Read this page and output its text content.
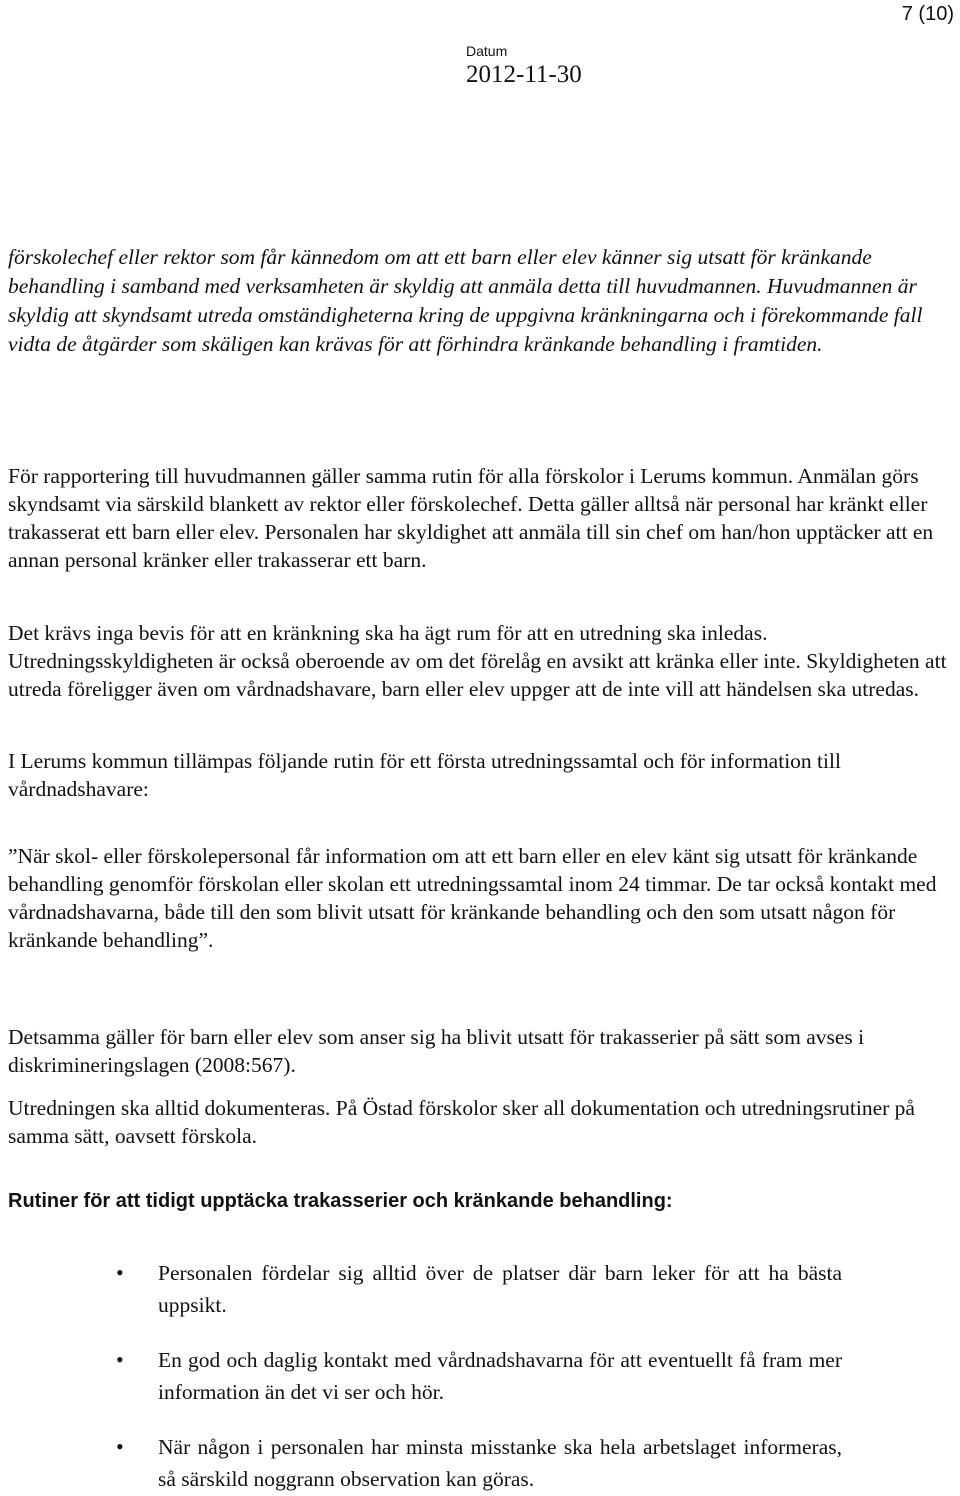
7 (10)
Datum
2012-11-30

förskolechef eller rektor som får kännedom om att ett barn eller elev känner sig utsatt för kränkande behandling i samband med verksamheten är skyldig att anmäla detta till huvudmannen. Huvudmannen är skyldig att skyndsamt utreda omständigheterna kring de uppgivna kränkningarna och i förekommande fall vidta de åtgärder som skäligen kan krävas för att förhindra kränkande behandling i framtiden.

För rapportering till huvudmannen gäller samma rutin för alla förskolor i Lerums kommun. Anmälan görs skyndsamt via särskild blankett av rektor eller förskolechef. Detta gäller alltså när personal har kränkt eller trakasserat ett barn eller elev. Personalen har skyldighet att anmäla till sin chef om han/hon upptäcker att en annan personal kränker eller trakasserar ett barn.

Det krävs inga bevis för att en kränkning ska ha ägt rum för att en utredning ska inledas. Utredningsskyldigheten är också oberoende av om det förelåg en avsikt att kränka eller inte. Skyldigheten att utreda föreligger även om vårdnadshavare, barn eller elev uppger att de inte vill att händelsen ska utredas.

I Lerums kommun tillämpas följande rutin för ett första utredningssamtal och för information till vårdnadshavare:

”När skol- eller förskolepersonal får information om att ett barn eller en elev känt sig utsatt för kränkande behandling genomför förskolan eller skolan ett utredningssamtal inom 24 timmar. De tar också kontakt med vårdnadshavarna, både till den som blivit utsatt för kränkande behandling och den som utsatt någon för kränkande behandling”.

Detsamma gäller för barn eller elev som anser sig ha blivit utsatt för trakasserier på sätt som avses i diskrimineringslagen (2008:567).

Utredningen ska alltid dokumenteras. På Östad förskolor sker all dokumentation och utredningsrutiner på samma sätt, oavsett förskola.

Rutiner för att tidigt upptäcka trakasserier och kränkande behandling:
• Personalen fördelar sig alltid över de platser där barn leker för att ha bästa uppsikt.
• En god och daglig kontakt med vårdnadshavarna för att eventuellt få fram mer information än det vi ser och hör.
• När någon i personalen har minsta misstanke ska hela arbetslaget informeras, så särskild noggrann observation kan göras.
